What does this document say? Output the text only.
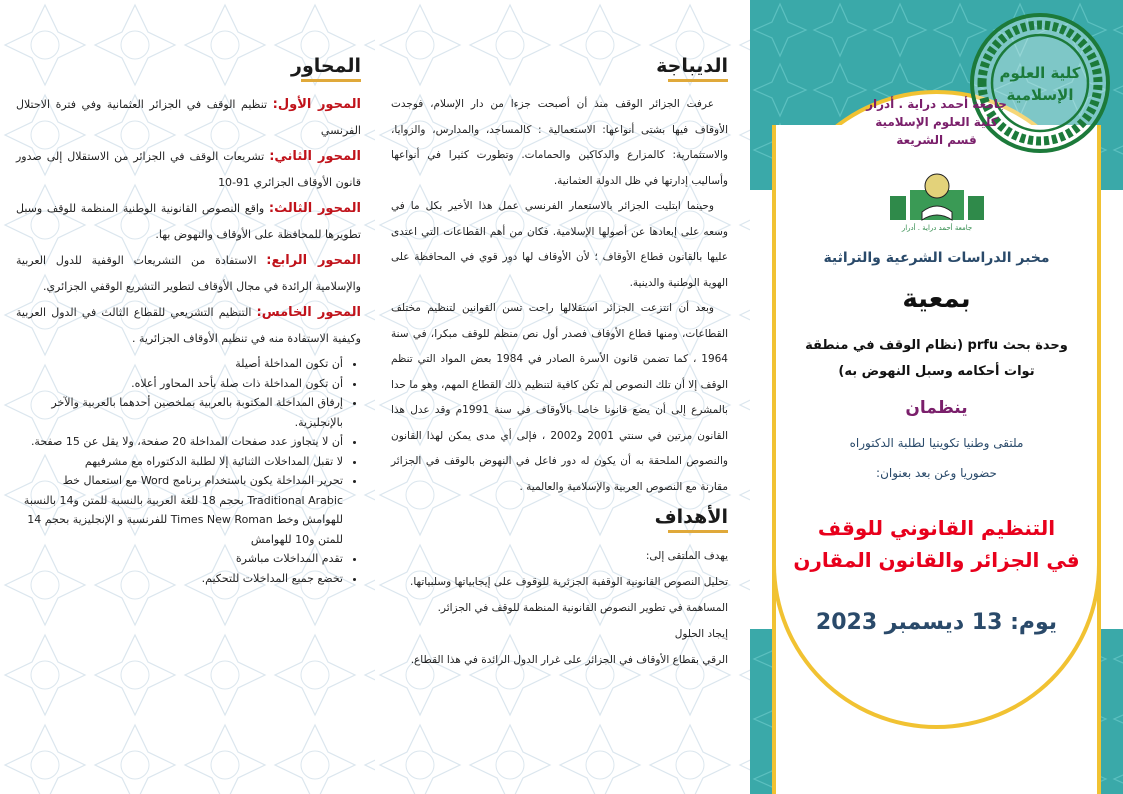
المحاور
المحور الأول: تنظيم الوقف في الجزائر العثمانية وفي فترة الاحتلال الفرنسي
المحور الثاني: تشريعات الوقف في الجزائر من الاستقلال إلى صدور قانون الأوقاف الجزائري 91-10
المحور الثالث: واقع النصوص القانونية الوطنية المنظمة للوقف وسبل تطويرها للمحافظة على الأوقاف والنهوض بها.
المحور الرابع: الاستفادة من التشريعات الوقفية للدول العربية والإسلامية الرائدة في مجال الأوقاف لتطوير التشريع الوقفي الجزائري.
المحور الخامس: التنظيم التشريعي للقطاع الثالث في الدول العربية وكيفية الاستفادة منه في تنظيم الأوقاف الجزائرية .
• أن تكون المداخلة أصيلة
• أن تكون المداخلة ذات صلة بأحد المحاور أعلاه.
• إرفاق المداخلة المكتوبة بالعربية بملخصين أحدهما بالعربية والآخر بالإنجليزية.
• أن لا يتجاوز عدد صفحات المداخلة 20 صفحة، ولا يقل عن 15 صفحة.
• لا تقبل المداخلات الثنائية إلا لطلبة الدكتوراه مع مشرفيهم
• تحرير المداخلة يكون باستخدام برنامج Word مع استعمال خط Traditional Arabic بحجم 18 للغة العربية بالنسبة للمتن و14 بالنسبة للهوامش وخط Times New Roman للفرنسية و الإنجليزية بحجم 14 للمتن و10 للهوامش
• تقدم المداخلات مباشرة
• تخضع جميع المداخلات للتحكيم.
الديباجة

عرفت الجزائر الوقف منذ أن أصبحت جزءا من دار الإسلام، فوجدت الأوقاف فيها بشتى أنواعها: الاستعمالية : كالمساجد، والمدارس، والزوايا، والاستثمارية: كالمزارع والدكاكين والحمامات. وتطورت كثيرا في أنواعها وأساليب إدارتها في ظل الدولة العثمانية.

وحينما ابتليت الجزائر بالاستعمار الفرنسي عمل هذا الأخير بكل ما في وسعه على إبعادها عن أصولها الإسلامية. فكان من أهم القطاعات التي اعتدى عليها بالقانون قطاع الأوقاف ؛ لأن الأوقاف لها دور قوي في المحافظة على الهوية الوطنية والدينية.

وبعد أن انتزعت الجزائر استقلالها راحت تسن القوانين لتنظيم مختلف القطاعات، ومنها قطاع الأوقاف فصدر أول نص منظم للوقف مبكرا، في سنة 1964 ، كما تضمن قانون الأسرة الصادر في 1984 بعض المواد التي تنظم الوقف إلا أن تلك النصوص لم تكن كافية لتنظيم ذلك القطاع المهم، وهو ما حدا بالمشرع إلى أن يضع قانونا خاصا بالأوقاف في سنة 1991م وقد عدل هذا القانون مرتين في سنتي 2001 و2002 ، فإلى أي مدى يمكن لهذا القانون والنصوص الملحقة به أن يكون له دور فاعل في النهوض بالوقف في الجزائر مقارنة مع النصوص العربية والإسلامية والعالمية .

الأهداف
يهدف الملتقى إلى:
تحليل النصوص القانونية الوقفية الجزئرية للوقوف على إيجابياتها وسلبياتها.
المساهمة في تطوير النصوص القانونية المنظمة للوقف في الجزائر.
إيجاد الحلول
الرقي بقطاع الأوقاف في الجزائر على غرار الدول الرائدة في هذا القطاع.
كلية العلوم
الإسلامية
جامعة أحمد دراية . أدرار
كلية العلوم الإسلامية
قسم الشريعة
جامعة أحمد دراية . أدرار
مخبر الدراسات الشرعية والتراثية
بمعية
وحدة بحث prfu (نظام الوقف في منطقة
توات أحكامه وسبل النهوض به)
ينظمان
ملتقى وطنيا تكوينيا لطلبة الدكتوراه
حضوريا وعن بعد بعنوان:
التنظيم القانوني للوقف
في الجزائر والقانون المقارن
يوم: 13 ديسمبر 2023
